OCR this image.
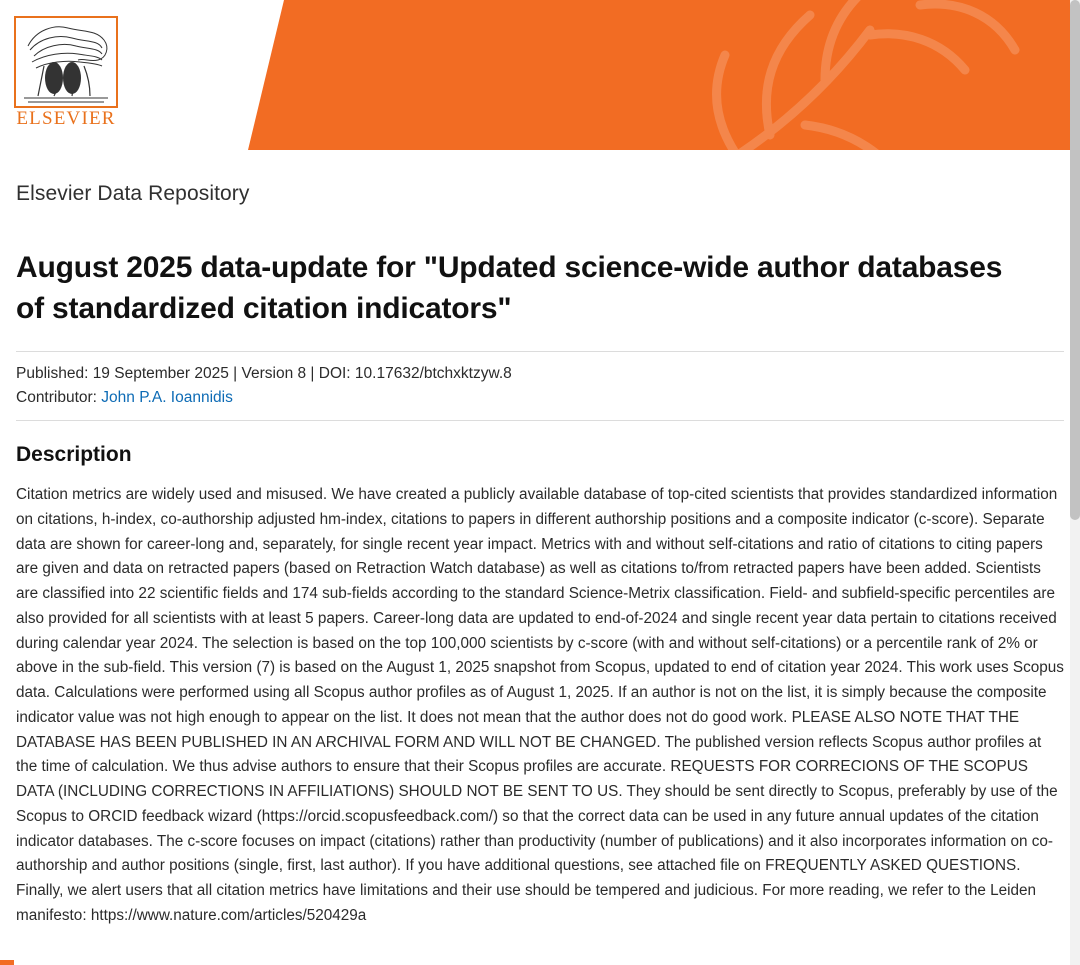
ELSEVIER
Elsevier Data Repository
August 2025 data-update for "Updated science-wide author databases of standardized citation indicators"
Published: 19 September 2025 | Version 8 | DOI: 10.17632/btchxktzyw.8
Contributor: John P.A. Ioannidis
Description

Citation metrics are widely used and misused. We have created a publicly available database of top-cited scientists that provides standardized information on citations, h-index, co-authorship adjusted hm-index, citations to papers in different authorship positions and a composite indicator (c-score). Separate data are shown for career-long and, separately, for single recent year impact. Metrics with and without self-citations and ratio of citations to citing papers are given and data on retracted papers (based on Retraction Watch database) as well as citations to/from retracted papers have been added. Scientists are classified into 22 scientific fields and 174 sub-fields according to the standard Science-Metrix classification. Field- and subfield-specific percentiles are also provided for all scientists with at least 5 papers. Career-long data are updated to end-of-2024 and single recent year data pertain to citations received during calendar year 2024. The selection is based on the top 100,000 scientists by c-score (with and without self-citations) or a percentile rank of 2% or above in the sub-field. This version (7) is based on the August 1, 2025 snapshot from Scopus, updated to end of citation year 2024. This work uses Scopus data. Calculations were performed using all Scopus author profiles as of August 1, 2025. If an author is not on the list, it is simply because the composite indicator value was not high enough to appear on the list. It does not mean that the author does not do good work. PLEASE ALSO NOTE THAT THE DATABASE HAS BEEN PUBLISHED IN AN ARCHIVAL FORM AND WILL NOT BE CHANGED. The published version reflects Scopus author profiles at the time of calculation. We thus advise authors to ensure that their Scopus profiles are accurate. REQUESTS FOR CORRECIONS OF THE SCOPUS DATA (INCLUDING CORRECTIONS IN AFFILIATIONS) SHOULD NOT BE SENT TO US. They should be sent directly to Scopus, preferably by use of the Scopus to ORCID feedback wizard (https://orcid.scopusfeedback.com/) so that the correct data can be used in any future annual updates of the citation indicator databases. The c-score focuses on impact (citations) rather than productivity (number of publications) and it also incorporates information on co-authorship and author positions (single, first, last author). If you have additional questions, see attached file on FREQUENTLY ASKED QUESTIONS. Finally, we alert users that all citation metrics have limitations and their use should be tempered and judicious. For more reading, we refer to the Leiden manifesto: https://www.nature.com/articles/520429a
